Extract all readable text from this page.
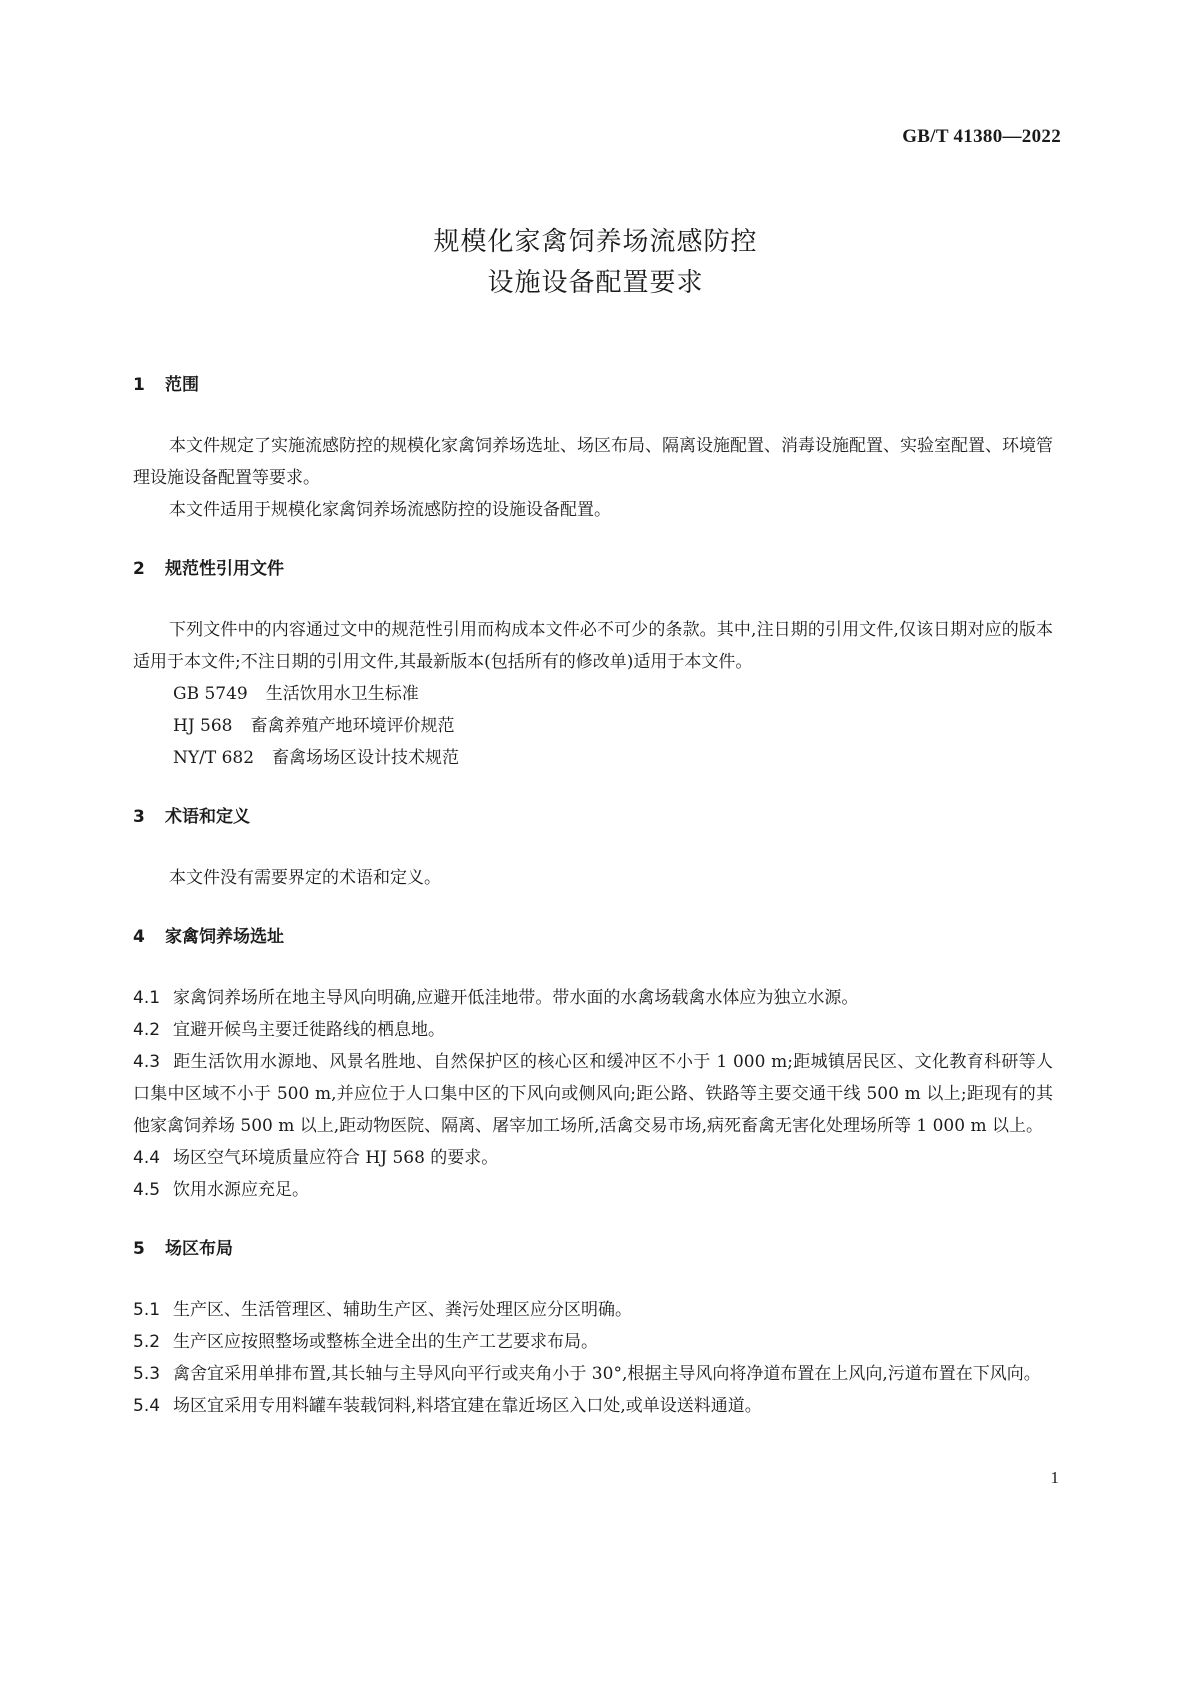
GB/T 41380—2022
规模化家禽饲养场流感防控
设施设备配置要求
1 范围

本文件规定了实施流感防控的规模化家禽饲养场选址、场区布局、隔离设施配置、消毒设施配置、实验室配置、环境管理设施设备配置等要求。

本文件适用于规模化家禽饲养场流感防控的设施设备配置。

2 规范性引用文件

下列文件中的内容通过文中的规范性引用而构成本文件必不可少的条款。其中,注日期的引用文件,仅该日期对应的版本适用于本文件;不注日期的引用文件,其最新版本(包括所有的修改单)适用于本文件。

GB 5749 生活饮用水卫生标准
HJ 568 畜禽养殖产地环境评价规范
NY/T 682 畜禽场场区设计技术规范
3 术语和定义

本文件没有需要界定的术语和定义。

4 家禽饲养场选址

4.1 家禽饲养场所在地主导风向明确,应避开低洼地带。带水面的水禽场载禽水体应为独立水源。

4.2 宜避开候鸟主要迁徙路线的栖息地。

4.3 距生活饮用水源地、风景名胜地、自然保护区的核心区和缓冲区不小于 1 000 m;距城镇居民区、文化教育科研等人口集中区域不小于 500 m,并应位于人口集中区的下风向或侧风向;距公路、铁路等主要交通干线 500 m 以上;距现有的其他家禽饲养场 500 m 以上,距动物医院、隔离、屠宰加工场所,活禽交易市场,病死畜禽无害化处理场所等 1 000 m 以上。

4.4 场区空气环境质量应符合 HJ 568 的要求。

4.5 饮用水源应充足。

5 场区布局

5.1 生产区、生活管理区、辅助生产区、粪污处理区应分区明确。

5.2 生产区应按照整场或整栋全进全出的生产工艺要求布局。

5.3 禽舍宜采用单排布置,其长轴与主导风向平行或夹角小于 30°,根据主导风向将净道布置在上风向,污道布置在下风向。

5.4 场区宜采用专用料罐车装载饲料,料塔宜建在靠近场区入口处,或单设送料通道。

1
